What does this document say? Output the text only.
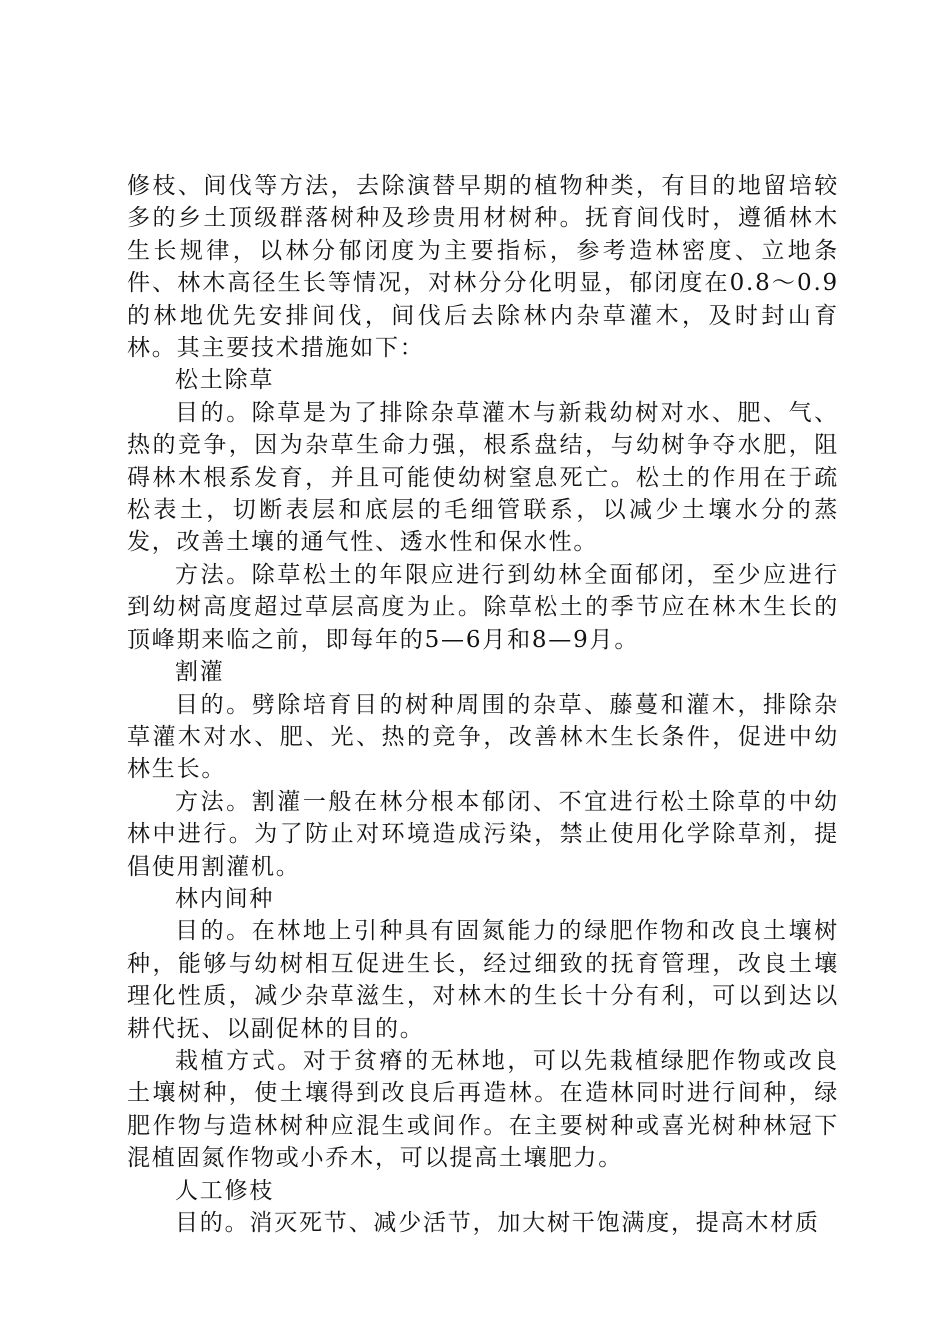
修枝、间伐等方法，去除演替早期的植物种类，有目的地留培较多的乡土顶级群落树种及珍贵用材树种。抚育间伐时，遵循林木生长规律，以林分郁闭度为主要指标，参考造林密度、立地条件、林木高径生长等情况，对林分分化明显，郁闭度在0.8～0.9的林地优先安排间伐，间伐后去除林内杂草灌木，及时封山育林。其主要技术措施如下：

松土除草

目的。除草是为了排除杂草灌木与新栽幼树对水、肥、气、热的竞争，因为杂草生命力强，根系盘结，与幼树争夺水肥，阻碍林木根系发育，并且可能使幼树窒息死亡。松土的作用在于疏松表土，切断表层和底层的毛细管联系，以减少土壤水分的蒸发，改善土壤的通气性、透水性和保水性。

方法。除草松土的年限应进行到幼林全面郁闭，至少应进行到幼树高度超过草层高度为止。除草松土的季节应在林木生长的顶峰期来临之前，即每年的5—6月和8—9月。

割灌

目的。劈除培育目的树种周围的杂草、藤蔓和灌木，排除杂草灌木对水、肥、光、热的竞争，改善林木生长条件，促进中幼林生长。

方法。割灌一般在林分根本郁闭、不宜进行松土除草的中幼林中进行。为了防止对环境造成污染，禁止使用化学除草剂，提倡使用割灌机。

林内间种

目的。在林地上引种具有固氮能力的绿肥作物和改良土壤树种，能够与幼树相互促进生长，经过细致的抚育管理，改良土壤理化性质，减少杂草滋生，对林木的生长十分有利，可以到达以耕代抚、以副促林的目的。

栽植方式。对于贫瘠的无林地，可以先栽植绿肥作物或改良土壤树种，使土壤得到改良后再造林。在造林同时进行间种，绿肥作物与造林树种应混生或间作。在主要树种或喜光树种林冠下混植固氮作物或小乔木，可以提高土壤肥力。

人工修枝

目的。消灭死节、减少活节，加大树干饱满度，提高木材质
